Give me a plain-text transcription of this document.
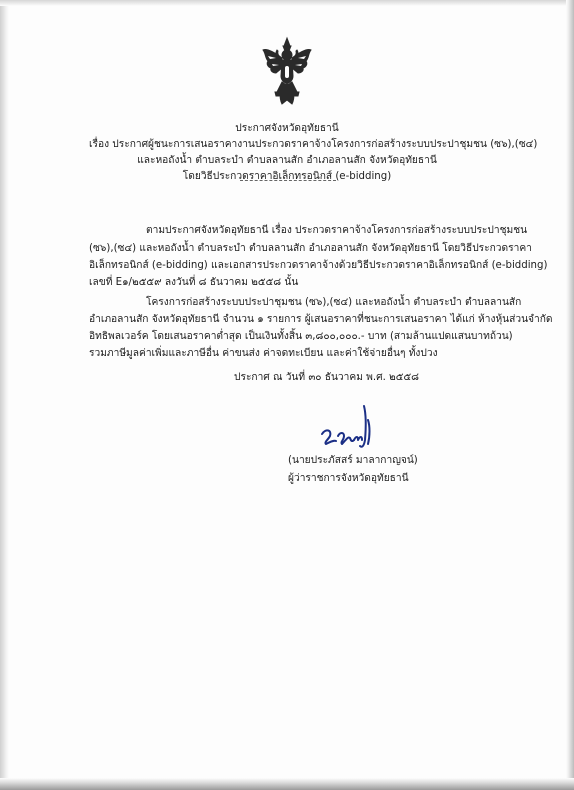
ประกาศจังหวัดอุทัยธานี
เรื่อง ประกาศผู้ชนะการเสนอราคางานประกวดราคาจ้างโครงการก่อสร้างระบบประปาชุมชน (ซ๖),(ซ๔)
และหอถังน้ำ ตำบลระบำ ตำบลลานสัก อำเภอลานสัก จังหวัดอุทัยธานี
โดยวิธีประกวดราคาอิเล็กทรอนิกส์ (e-bidding)
ตามประกาศจังหวัดอุทัยธานี เรื่อง ประกวดราคาจ้างโครงการก่อสร้างระบบประปาชุมชน
(ซ๖),(ซ๔) และหอถังน้ำ ตำบลระบำ ตำบลลานสัก อำเภอลานสัก จังหวัดอุทัยธานี โดยวิธีประกวดราคา
อิเล็กทรอนิกส์ (e-bidding) และเอกสารประกวดราคาจ้างด้วยวิธีประกวดราคาอิเล็กทรอนิกส์ (e-bidding)
เลขที่ E๑/๒๕๕๙ ลงวันที่ ๘ ธันวาคม ๒๕๕๘ นั้น
โครงการก่อสร้างระบบประปาชุมชน (ซ๖),(ซ๔) และหอถังน้ำ ตำบลระบำ ตำบลลานสัก
อำเภอลานสัก จังหวัดอุทัยธานี จำนวน ๑ รายการ ผู้เสนอราคาที่ชนะการเสนอราคา ได้แก่ ห้างหุ้นส่วนจำกัด
อิทธิพลเวอร์ค โดยเสนอราคาต่ำสุด เป็นเงินทั้งสิ้น ๓,๘๐๐,๐๐๐.- บาท (สามล้านแปดแสนบาทถ้วน)
รวมภาษีมูลค่าเพิ่มและภาษีอื่น ค่าขนส่ง ค่าจดทะเบียน และค่าใช้จ่ายอื่นๆ ทั้งปวง
ประกาศ ณ วันที่ ๓๐ ธันวาคม พ.ศ. ๒๕๕๘
(นายประภัสสร์ มาลากาญจน์)
ผู้ว่าราชการจังหวัดอุทัยธานี
